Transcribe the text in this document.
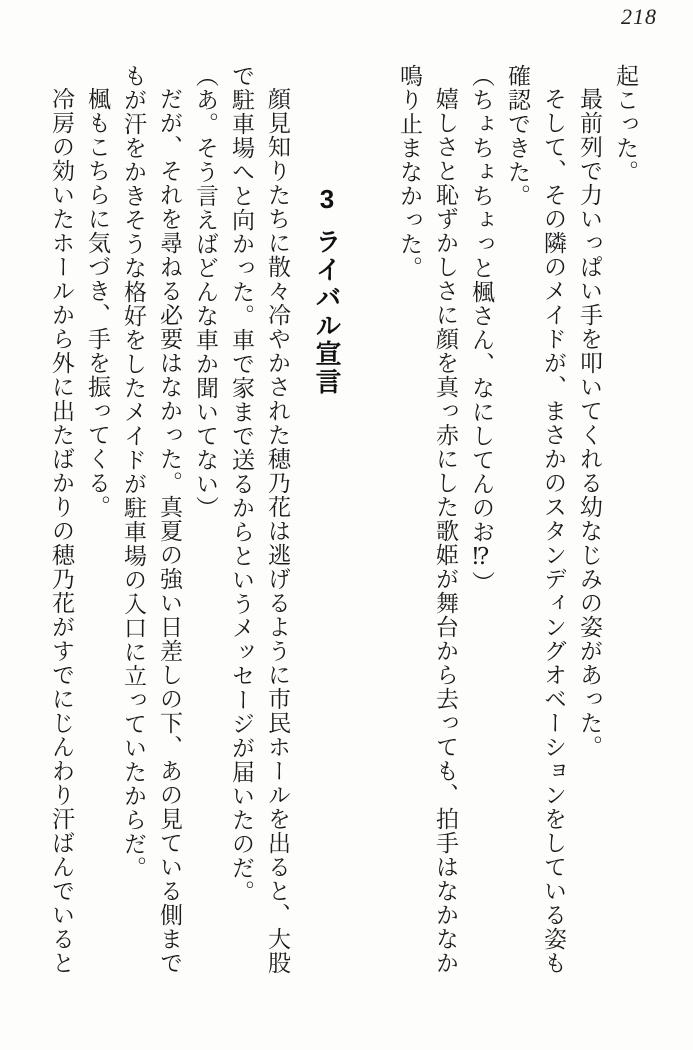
218

起こった。

最前列で力いっぱい手を叩いてくれる幼なじみの姿があった。

そして、その隣のメイドが、まさかのスタンディングオベーションをしている姿も確認できた。

（ちょちょちょっと楓さん、なにしてんのお⁉）

嬉しさと恥ずかしさに顔を真っ赤にした歌姫が舞台から去っても、拍手はなかなか鳴り止まなかった。

3ライバル宣言

顔見知りたちに散々冷やかされた穂乃花は逃げるように市民ホールを出ると、大股で駐車場へと向かった。車で家まで送るからというメッセージが届いたのだ。

（あ。そう言えばどんな車か聞いてない）

だが、それを尋ねる必要はなかった。真夏の強い日差しの下、あの見ている側までもが汗をかきそうな格好をしたメイドが駐車場の入口に立っていたからだ。

楓もこちらに気づき、手を振ってくる。

冷房の効いたホールから外に出たばかりの穂乃花がすでにじんわり汗ばんでいると
